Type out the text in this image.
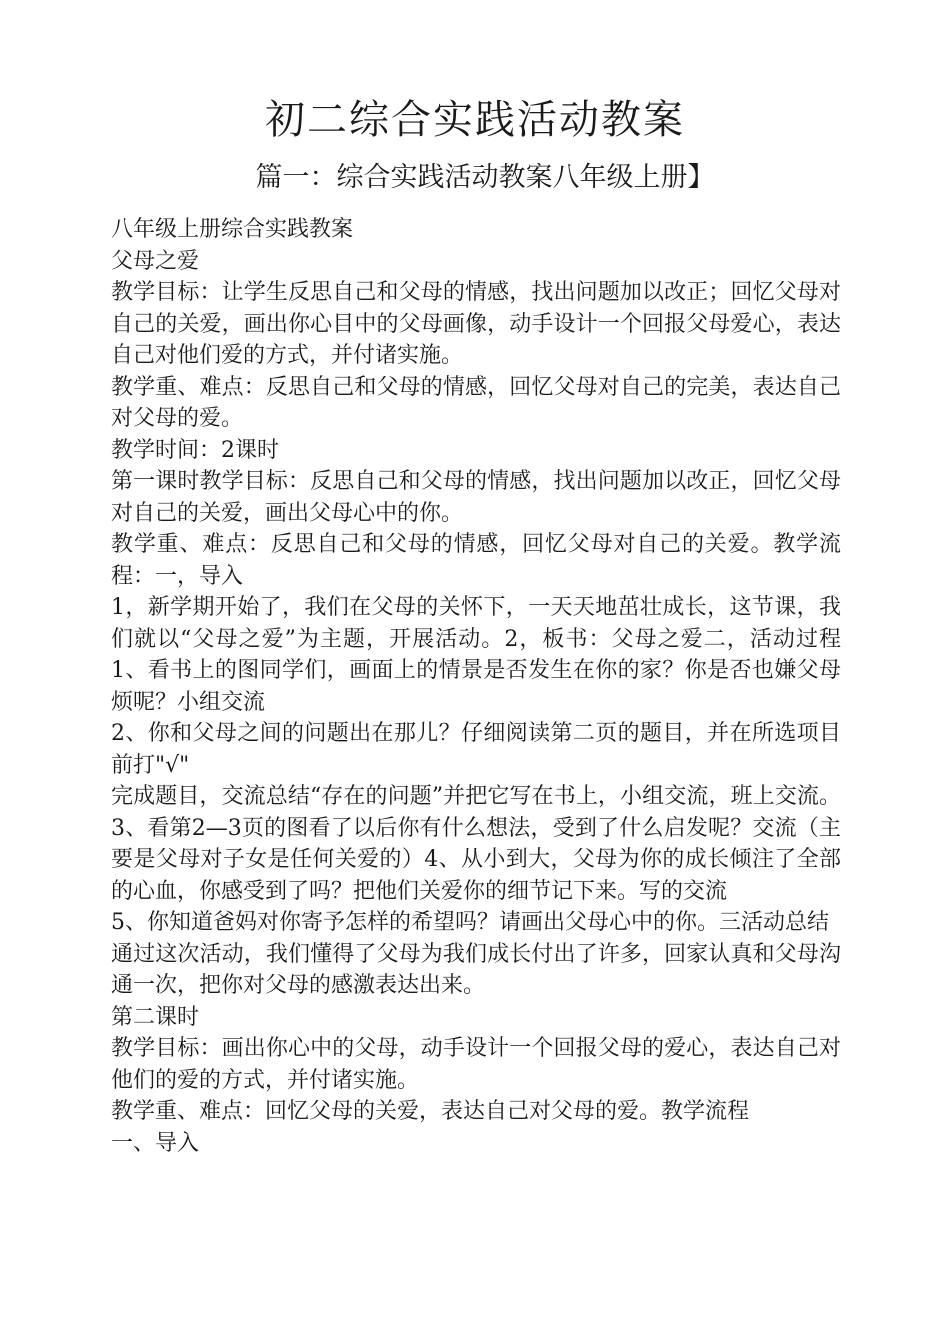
初二综合实践活动教案
篇一：综合实践活动教案八年级上册】

八年级上册综合实践教案

父母之爱

教学目标：让学生反思自己和父母的情感，找出问题加以改正；回忆父母对自己的关爱，画出你心目中的父母画像，动手设计一个回报父母爱心，表达自己对他们爱的方式，并付诸实施。

教学重、难点：反思自己和父母的情感，回忆父母对自己的完美，表达自己对父母的爱。

教学时间：2课时

第一课时教学目标：反思自己和父母的情感，找出问题加以改正，回忆父母对自己的关爱，画出父母心中的你。

教学重、难点：反思自己和父母的情感，回忆父母对自己的关爱。教学流程：一，导入

1，新学期开始了，我们在父母的关怀下，一天天地茁壮成长，这节课，我们就以“父母之爱”为主题，开展活动。2，板书：父母之爱二，活动过程1、看书上的图同学们，画面上的情景是否发生在你的家？你是否也嫌父母烦呢？小组交流

2、你和父母之间的问题出在那儿？仔细阅读第二页的题目，并在所选项目前打"√"

完成题目，交流总结“存在的问题”并把它写在书上，小组交流，班上交流。3、看第2—3页的图看了以后你有什么想法，受到了什么启发呢？交流（主要是父母对子女是任何关爱的）4、从小到大，父母为你的成长倾注了全部的心血，你感受到了吗？把他们关爱你的细节记下来。写的交流

5、你知道爸妈对你寄予怎样的希望吗？请画出父母心中的你。三活动总结

通过这次活动，我们懂得了父母为我们成长付出了许多，回家认真和父母沟通一次，把你对父母的感激表达出来。

第二课时

教学目标：画出你心中的父母，动手设计一个回报父母的爱心，表达自己对他们的爱的方式，并付诸实施。

教学重、难点：回忆父母的关爱，表达自己对父母的爱。教学流程

一、导入
